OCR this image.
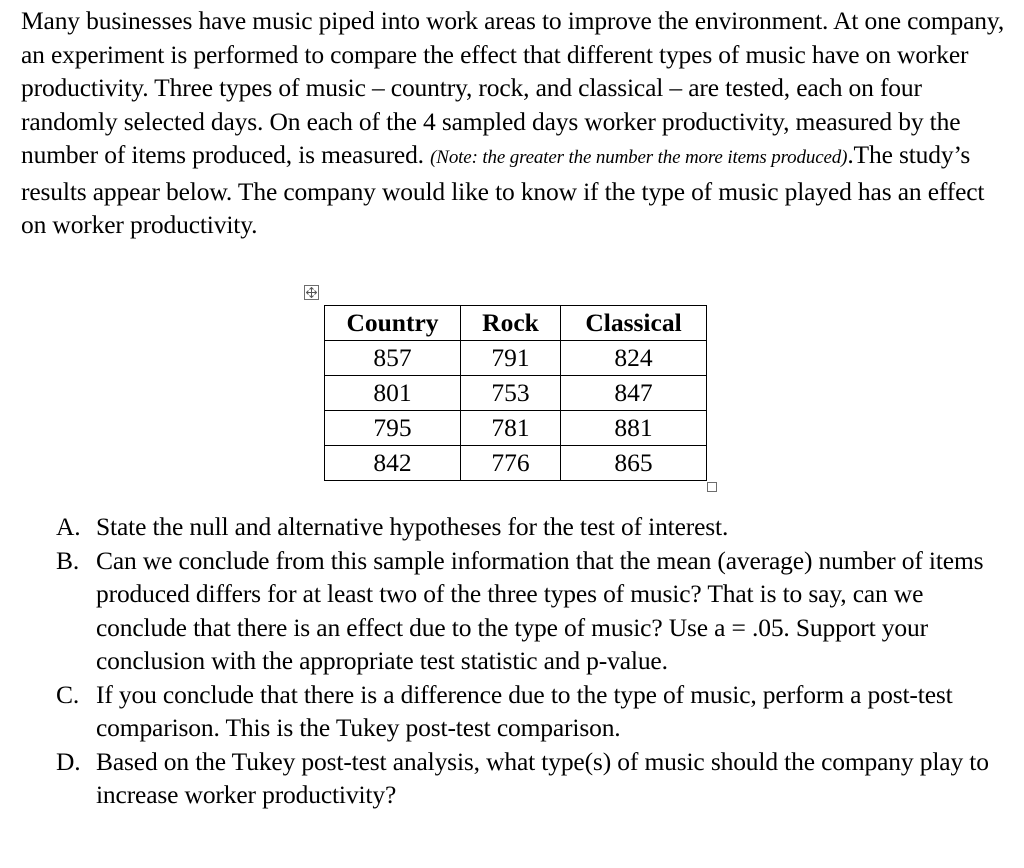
Many businesses have music piped into work areas to improve the environment. At one company, an experiment is performed to compare the effect that different types of music have on worker productivity. Three types of music – country, rock, and classical – are tested, each on four randomly selected days. On each of the 4 sampled days worker productivity, measured by the number of items produced, is measured. (Note: the greater the number the more items produced).The study’s results appear below. The company would like to know if the type of music played has an effect on worker productivity.

Country	Rock	Classical
857	791	824
801	753	847
795	781	881
842	776	865
A. State the null and alternative hypotheses for the test of interest.
B. Can we conclude from this sample information that the mean (average) number of items produced differs for at least two of the three types of music? That is to say, can we conclude that there is an effect due to the type of music? Use a = .05. Support your conclusion with the appropriate test statistic and p-value.
C. If you conclude that there is a difference due to the type of music, perform a post-test comparison. This is the Tukey post-test comparison.
D. Based on the Tukey post-test analysis, what type(s) of music should the company play to increase worker productivity?
